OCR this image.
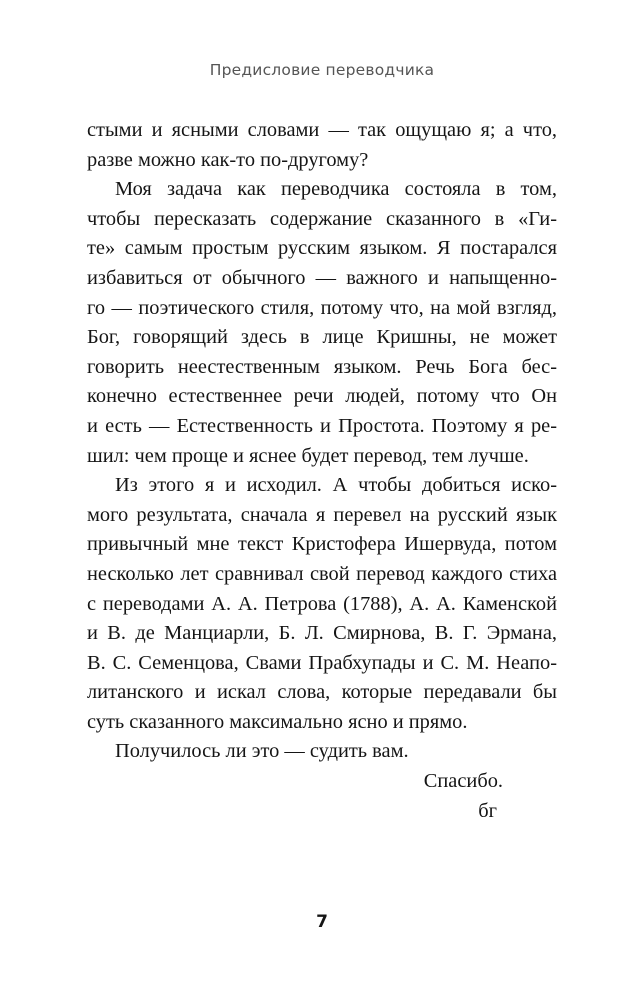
Предисловие переводчика
стыми и ясными словами — так ощущаю я; а что,
разве можно как-то по-другому?
Моя задача как переводчика состояла в том,
чтобы пересказать содержание сказанного в «Ги-
те» самым простым русским языком. Я постарался
избавиться от обычного — важного и напыщенно-
го — поэтического стиля, потому что, на мой взгляд,
Бог, говорящий здесь в лице Кришны, не может
говорить неестественным языком. Речь Бога бес-
конечно естественнее речи людей, потому что Он
и есть — Естественность и Простота. Поэтому я ре-
шил: чем проще и яснее будет перевод, тем лучше.
Из этого я и исходил. А чтобы добиться иско-
мого результата, сначала я перевел на русский язык
привычный мне текст Кристофера Ишервуда, потом
несколько лет сравнивал свой перевод каждого стиха
с переводами А. А. Петрова (1788), А. А. Каменской
и В. де Манциарли, Б. Л. Смирнова, В. Г. Эрмана,
В. С. Семенцова, Свами Прабхупады и С. М. Неапо-
литанского и искал слова, которые передавали бы
суть сказанного максимально ясно и прямо.
Получилось ли это — судить вам.
Спасибо.
бг
7
